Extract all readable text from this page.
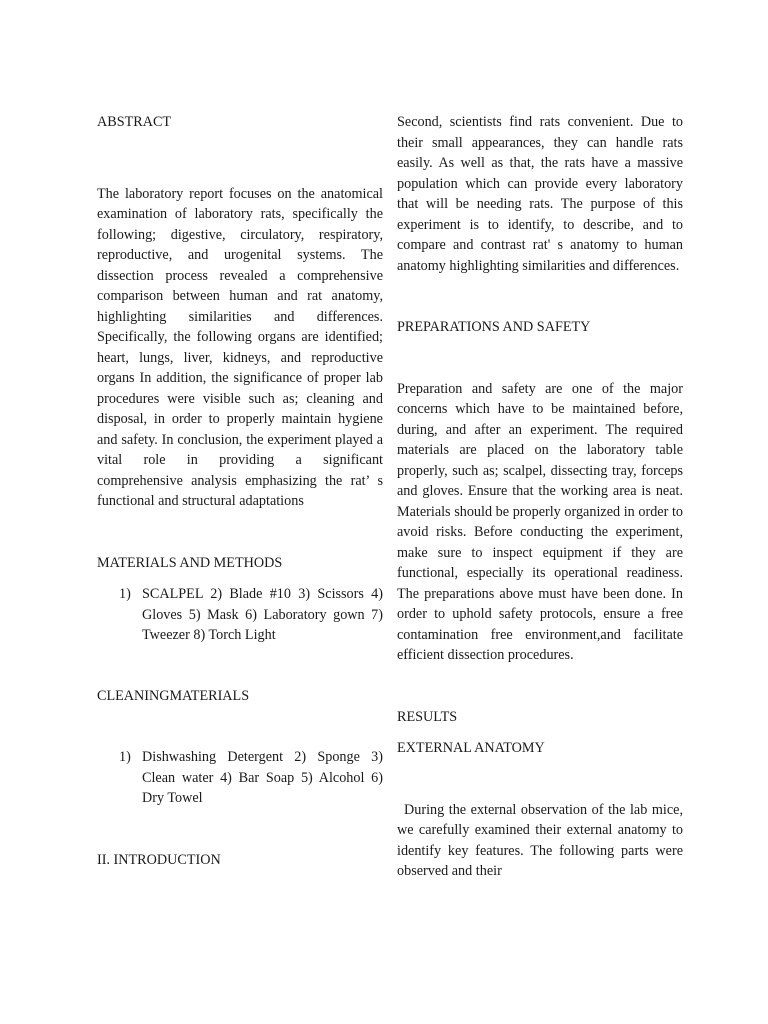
ABSTRACT

The laboratory report focuses on the anatomical examination of laboratory rats, specifically the following; digestive, circulatory, respiratory, reproductive, and urogenital systems. The dissection process revealed a comprehensive comparison between human and rat anatomy, highlighting similarities and differences. Specifically, the following organs are identified; heart, lungs, liver, kidneys, and reproductive organs In addition, the significance of proper lab procedures were visible such as; cleaning and disposal, in order to properly maintain hygiene and safety. In conclusion, the experiment played a vital role in providing a significant comprehensive analysis emphasizing the rat’ s functional and structural adaptations

MATERIALS AND METHODS
1) SCALPEL 2) Blade #10 3) Scissors 4) Gloves 5) Mask 6) Laboratory gown 7) Tweezer 8) Torch Light
CLEANINGMATERIALS
1) Dishwashing Detergent 2) Sponge 3) Clean water 4) Bar Soap 5) Alcohol 6) Dry Towel
II. INTRODUCTION

Second, scientists find rats convenient. Due to their small appearances, they can handle rats easily. As well as that, the rats have a massive population which can provide every laboratory that will be needing rats. The purpose of this experiment is to identify, to describe, and to compare and contrast rat' s anatomy to human anatomy highlighting similarities and differences.

PREPARATIONS AND SAFETY

Preparation and safety are one of the major concerns which have to be maintained before, during, and after an experiment. The required materials are placed on the laboratory table properly, such as; scalpel, dissecting tray, forceps and gloves. Ensure that the working area is neat. Materials should be properly organized in order to avoid risks. Before conducting the experiment, make sure to inspect equipment if they are functional, especially its operational readiness. The preparations above must have been done. In order to uphold safety protocols, ensure a free contamination free environment,and facilitate efficient dissection procedures.

RESULTS
EXTERNAL ANATOMY

During the external observation of the lab mice, we carefully examined their external anatomy to identify key features. The following parts were observed and their
